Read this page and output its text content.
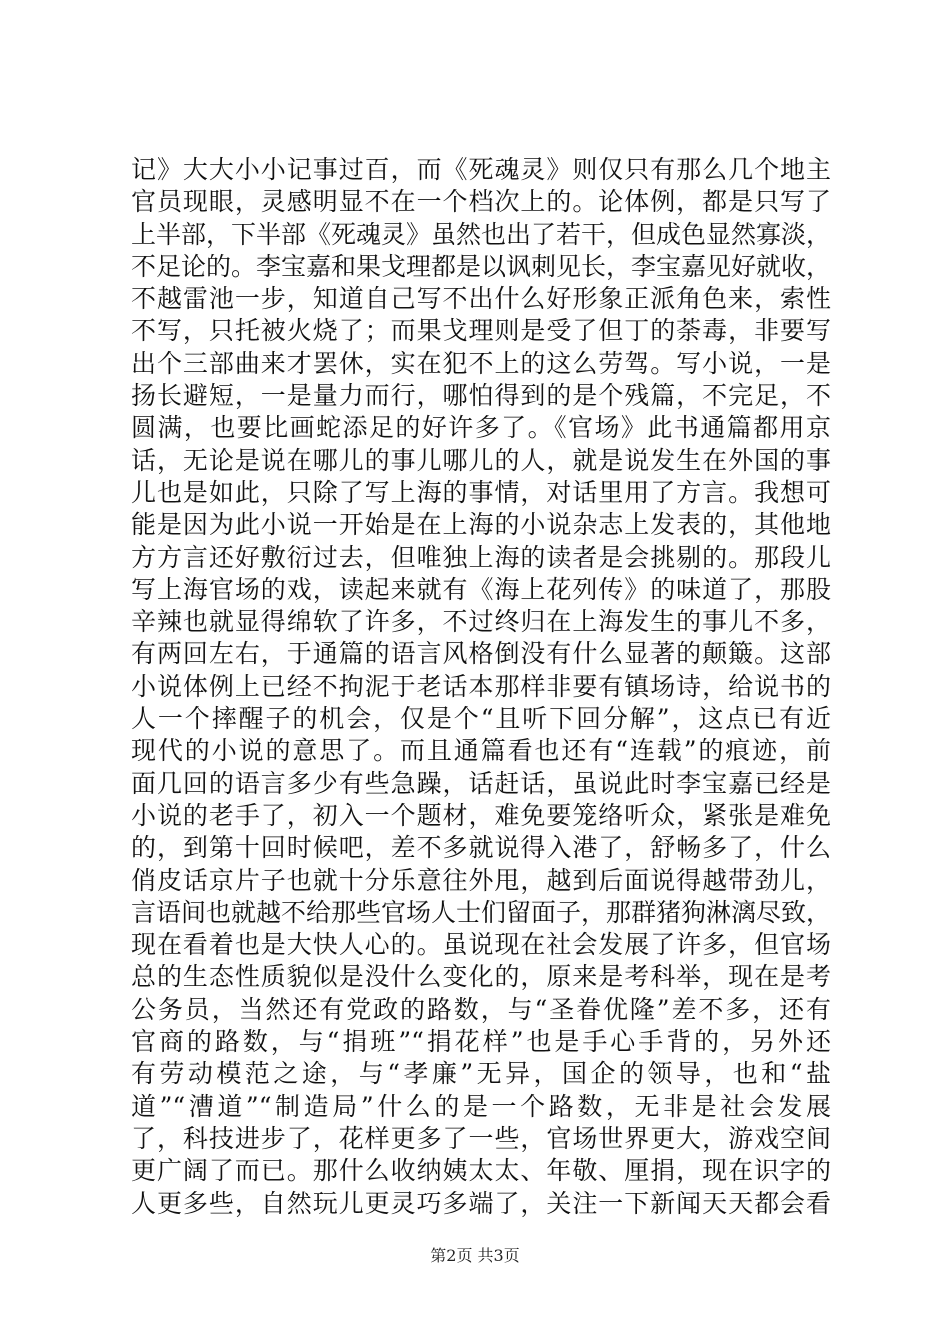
记》大大小小记事过百，而《死魂灵》则仅只有那么几个地主
官员现眼，灵感明显不在一个档次上的。论体例，都是只写了
上半部，下半部《死魂灵》虽然也出了若干，但成色显然寡淡，
不足论的。李宝嘉和果戈理都是以讽刺见长，李宝嘉见好就收，
不越雷池一步，知道自己写不出什么好形象正派角色来，索性
不写，只托被火烧了；而果戈理则是受了但丁的荼毒，非要写
出个三部曲来才罢休，实在犯不上的这么劳驾。写小说，一是
扬长避短，一是量力而行，哪怕得到的是个残篇，不完足，不
圆满，也要比画蛇添足的好许多了。《官场》此书通篇都用京
话，无论是说在哪儿的事儿哪儿的人，就是说发生在外国的事
儿也是如此，只除了写上海的事情，对话里用了方言。我想可
能是因为此小说一开始是在上海的小说杂志上发表的，其他地
方方言还好敷衍过去，但唯独上海的读者是会挑剔的。那段儿
写上海官场的戏，读起来就有《海上花列传》的味道了，那股
辛辣也就显得绵软了许多，不过终归在上海发生的事儿不多，
有两回左右，于通篇的语言风格倒没有什么显著的颠簸。这部
小说体例上已经不拘泥于老话本那样非要有镇场诗，给说书的
人一个摔醒子的机会，仅是个“且听下回分解”，这点已有近
现代的小说的意思了。而且通篇看也还有“连载”的痕迹，前
面几回的语言多少有些急躁，话赶话，虽说此时李宝嘉已经是
小说的老手了，初入一个题材，难免要笼络听众，紧张是难免
的，到第十回时候吧，差不多就说得入港了，舒畅多了，什么
俏皮话京片子也就十分乐意往外甩，越到后面说得越带劲儿，
言语间也就越不给那些官场人士们留面子，那群猪狗淋漓尽致，
现在看着也是大快人心的。虽说现在社会发展了许多，但官场
总的生态性质貌似是没什么变化的，原来是考科举，现在是考
公务员，当然还有党政的路数，与“圣眷优隆”差不多，还有
官商的路数，与“捐班”“捐花样”也是手心手背的，另外还
有劳动模范之途，与“孝廉”无异，国企的领导，也和“盐
道”“漕道”“制造局”什么的是一个路数，无非是社会发展
了，科技进步了，花样更多了一些，官场世界更大，游戏空间
更广阔了而已。那什么收纳姨太太、年敬、厘捐，现在识字的
人更多些，自然玩儿更灵巧多端了，关注一下新闻天天都会看
第2页 共3页
